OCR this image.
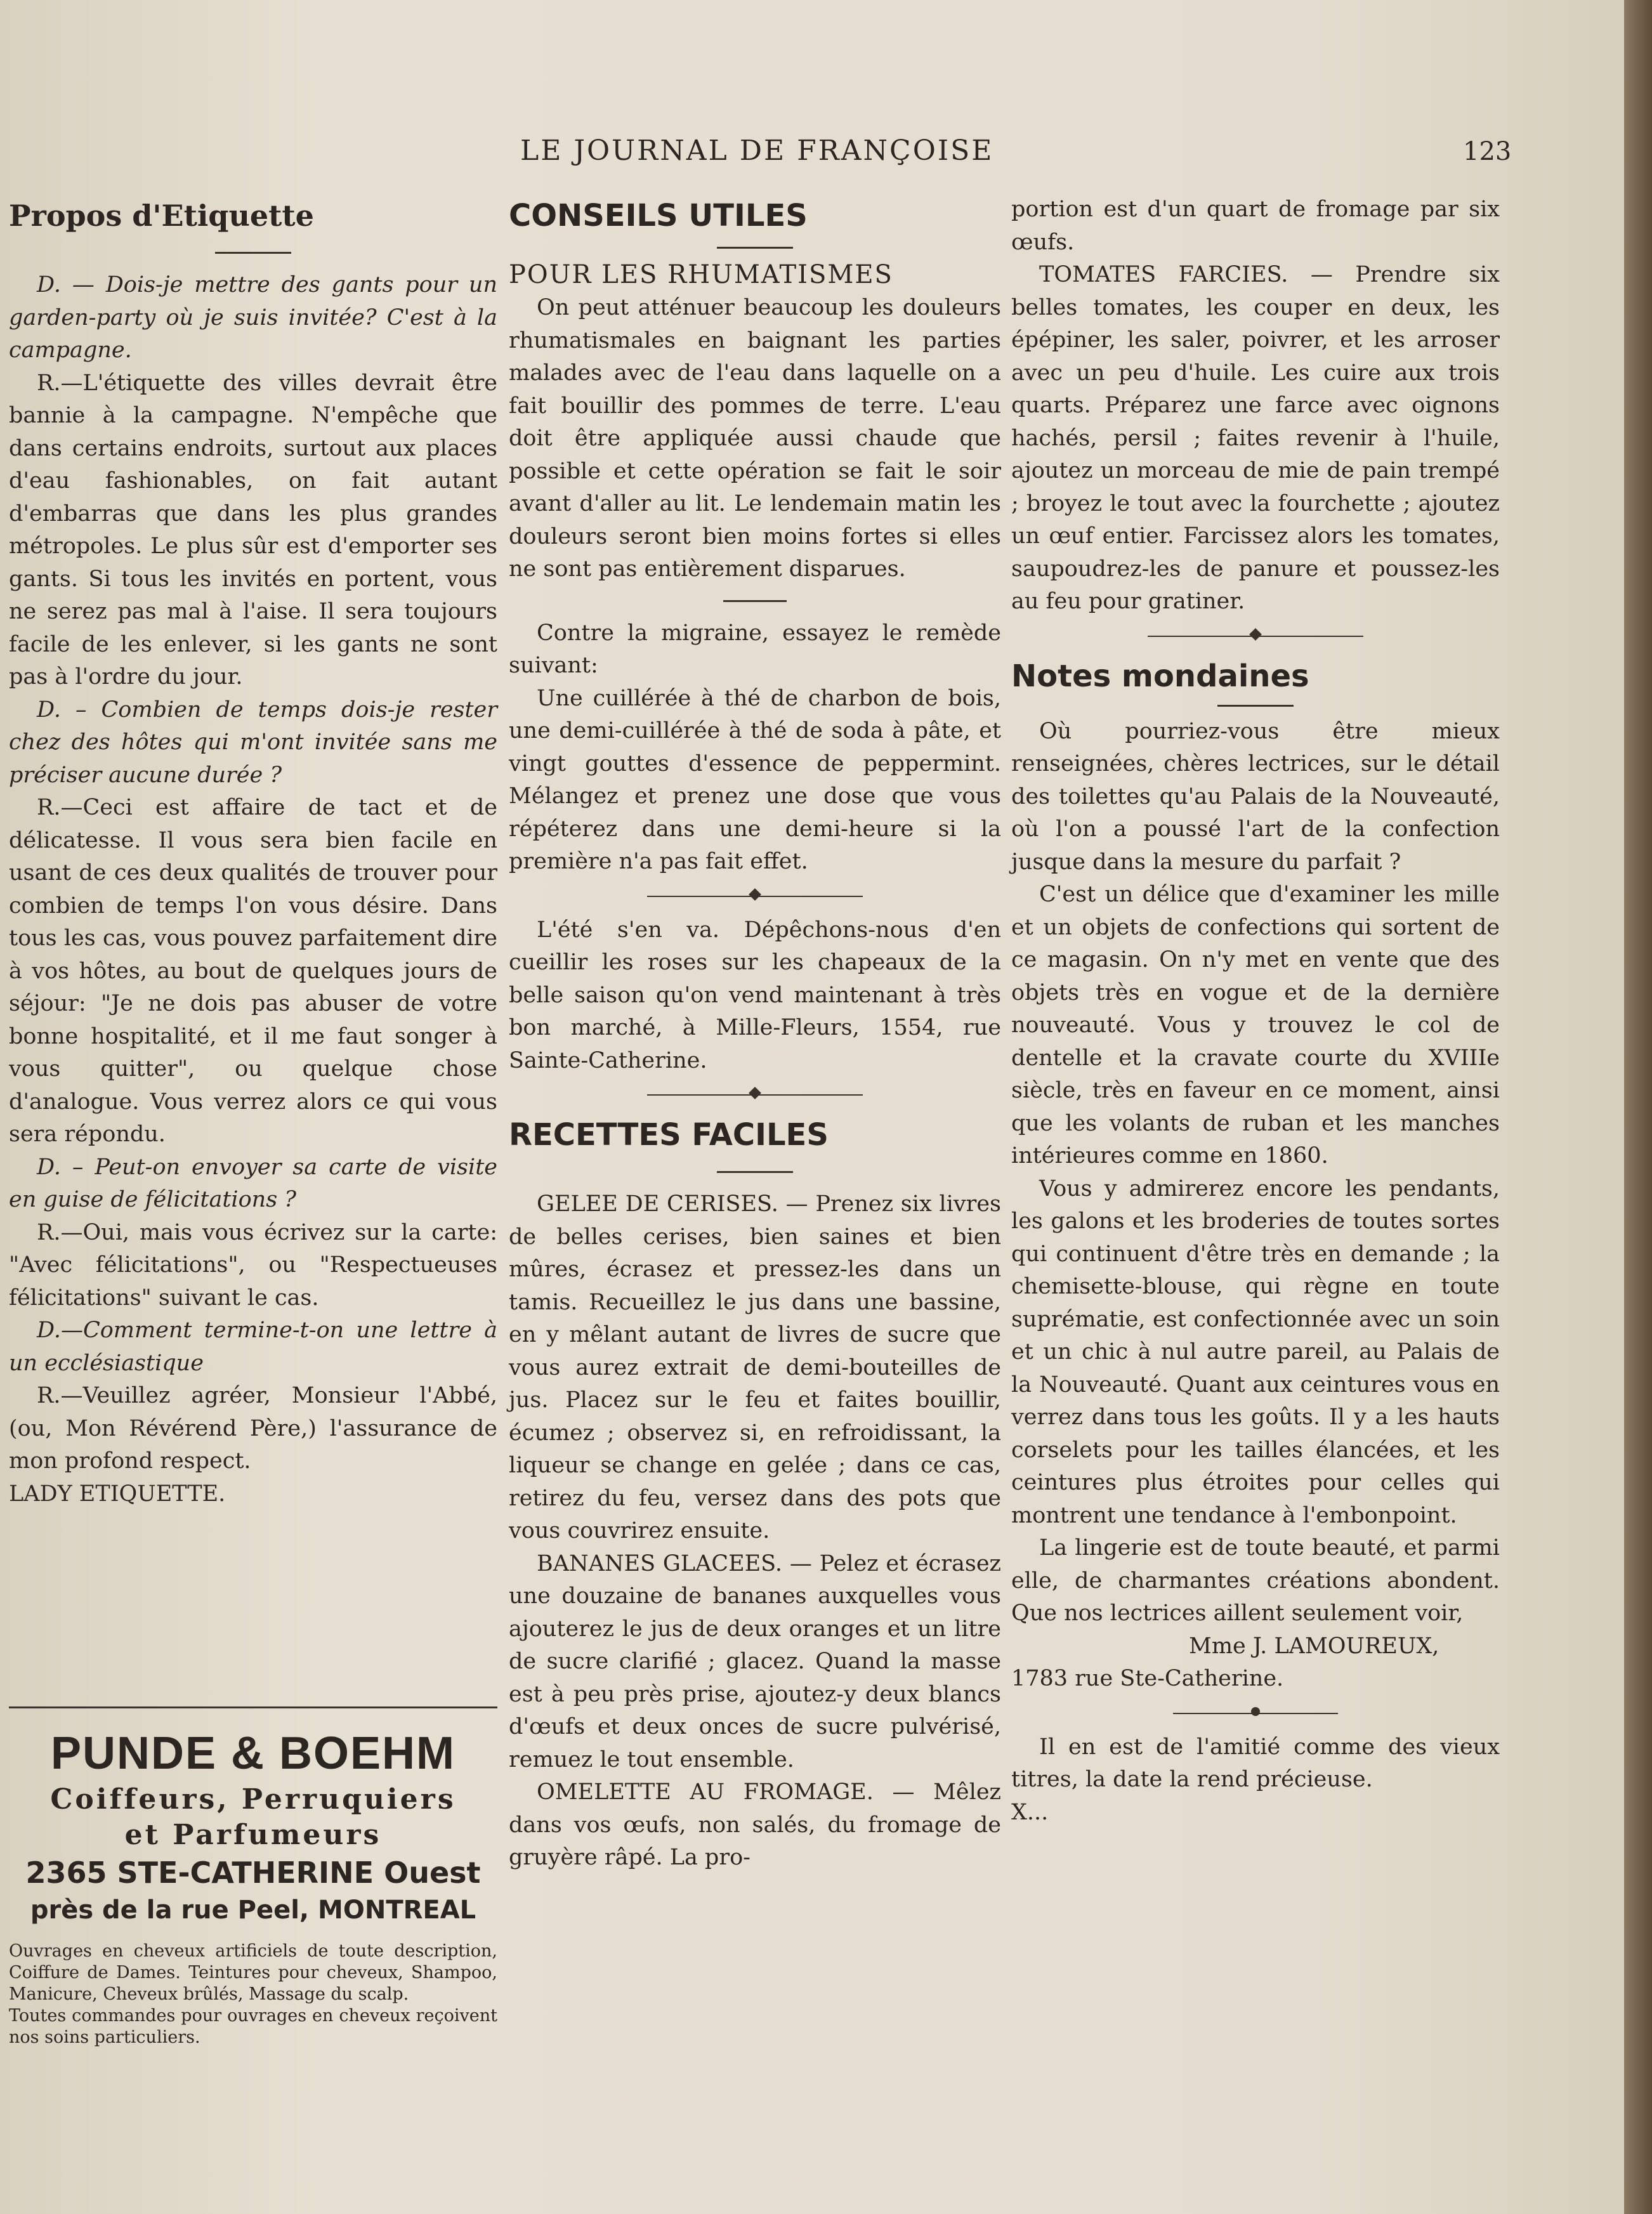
LE JOURNAL DE FRANÇOISE	123

Propos d'Etiquette

D. — Dois-je mettre des gants pour un garden-party où je suis invitée? C'est à la campagne.

R.—L'étiquette des villes devrait être bannie à la campagne. N'empêche que dans certains endroits, surtout aux places d'eau fashionables, on fait autant d'embarras que dans les plus grandes métropoles. Le plus sûr est d'emporter ses gants. Si tous les invités en portent, vous ne serez pas mal à l'aise. Il sera toujours facile de les enlever, si les gants ne sont pas à l'ordre du jour.

D. – Combien de temps dois-je rester chez des hôtes qui m'ont invitée sans me préciser aucune durée ?

R.—Ceci est affaire de tact et de délicatesse. Il vous sera bien facile en usant de ces deux qualités de trouver pour combien de temps l'on vous désire. Dans tous les cas, vous pouvez parfaitement dire à vos hôtes, au bout de quelques jours de séjour: "Je ne dois pas abuser de votre bonne hospitalité, et il me faut songer à vous quitter", ou quelque chose d'analogue. Vous verrez alors ce qui vous sera répondu.

D. – Peut-on envoyer sa carte de visite en guise de félicitations ?

R.—Oui, mais vous écrivez sur la carte: "Avec félicitations", ou "Respectueuses félicitations" suivant le cas.

D.—Comment termine-t-on une lettre à un ecclésiastique

R.—Veuillez agréer, Monsieur l'Abbé, (ou, Mon Révérend Père,) l'assurance de mon profond respect.

LADY ETIQUETTE.

PUNDE & BOEHM
Coiffeurs, Perruquiers
et Parfumeurs
2365 STE-CATHERINE Ouest
près de la rue Peel, MONTREAL
Ouvrages en cheveux artificiels de toute description, Coiffure de Dames. Teintures pour cheveux, Shampoo, Manicure, Cheveux brûlés, Massage du scalp.
Toutes commandes pour ouvrages en cheveux reçoivent nos soins particuliers.

CONSEILS UTILES

POUR LES RHUMATISMES

On peut atténuer beaucoup les douleurs rhumatismales en baignant les parties malades avec de l'eau dans laquelle on a fait bouillir des pommes de terre. L'eau doit être appliquée aussi chaude que possible et cette opération se fait le soir avant d'aller au lit. Le lendemain matin les douleurs seront bien moins fortes si elles ne sont pas entièrement disparues.

Contre la migraine, essayez le remède suivant:

Une cuillérée à thé de charbon de bois, une demi-cuillérée à thé de soda à pâte, et vingt gouttes d'essence de peppermint. Mélangez et prenez une dose que vous répéterez dans une demi-heure si la première n'a pas fait effet.

L'été s'en va. Dépêchons-nous d'en cueillir les roses sur les chapeaux de la belle saison qu'on vend maintenant à très bon marché, à Mille-Fleurs, 1554, rue Sainte-Catherine.

RECETTES FACILES

GELEE DE CERISES. — Prenez six livres de belles cerises, bien saines et bien mûres, écrasez et pressez-les dans un tamis. Recueillez le jus dans une bassine, en y mêlant autant de livres de sucre que vous aurez extrait de demi-bouteilles de jus. Placez sur le feu et faites bouillir, écumez ; observez si, en refroidissant, la liqueur se change en gelée ; dans ce cas, retirez du feu, versez dans des pots que vous couvrirez ensuite.

BANANES GLACEES. — Pelez et écrasez une douzaine de bananes auxquelles vous ajouterez le jus de deux oranges et un litre de sucre clarifié ; glacez. Quand la masse est à peu près prise, ajoutez-y deux blancs d'œufs et deux onces de sucre pulvérisé, remuez le tout ensemble.

OMELETTE AU FROMAGE. — Mêlez dans vos œufs, non salés, du fromage de gruyère râpé. La pro-

portion est d'un quart de fromage par six œufs.

TOMATES FARCIES. — Prendre six belles tomates, les couper en deux, les épépiner, les saler, poivrer, et les arroser avec un peu d'huile. Les cuire aux trois quarts. Préparez une farce avec oignons hachés, persil ; faites revenir à l'huile, ajoutez un morceau de mie de pain trempé ; broyez le tout avec la fourchette ; ajoutez un œuf entier. Farcissez alors les tomates, saupoudrez-les de panure et poussez-les au feu pour gratiner.

Notes mondaines

Où pourriez-vous être mieux renseignées, chères lectrices, sur le détail des toilettes qu'au Palais de la Nouveauté, où l'on a poussé l'art de la confection jusque dans la mesure du parfait ?

C'est un délice que d'examiner les mille et un objets de confections qui sortent de ce magasin. On n'y met en vente que des objets très en vogue et de la dernière nouveauté. Vous y trouvez le col de dentelle et la cravate courte du XVIIIe siècle, très en faveur en ce moment, ainsi que les volants de ruban et les manches intérieures comme en 1860.

Vous y admirerez encore les pendants, les galons et les broderies de toutes sortes qui continuent d'être très en demande ; la chemisette-blouse, qui règne en toute suprématie, est confectionnée avec un soin et un chic à nul autre pareil, au Palais de la Nouveauté. Quant aux ceintures vous en verrez dans tous les goûts. Il y a les hauts corselets pour les tailles élancées, et les ceintures plus étroites pour celles qui montrent une tendance à l'embonpoint.

La lingerie est de toute beauté, et parmi elle, de charmantes créations abondent. Que nos lectrices aillent seulement voir,

Mme J. LAMOUREUX,

1783 rue Ste-Catherine.

Il en est de l'amitié comme des vieux titres, la date la rend précieuse.

X...
